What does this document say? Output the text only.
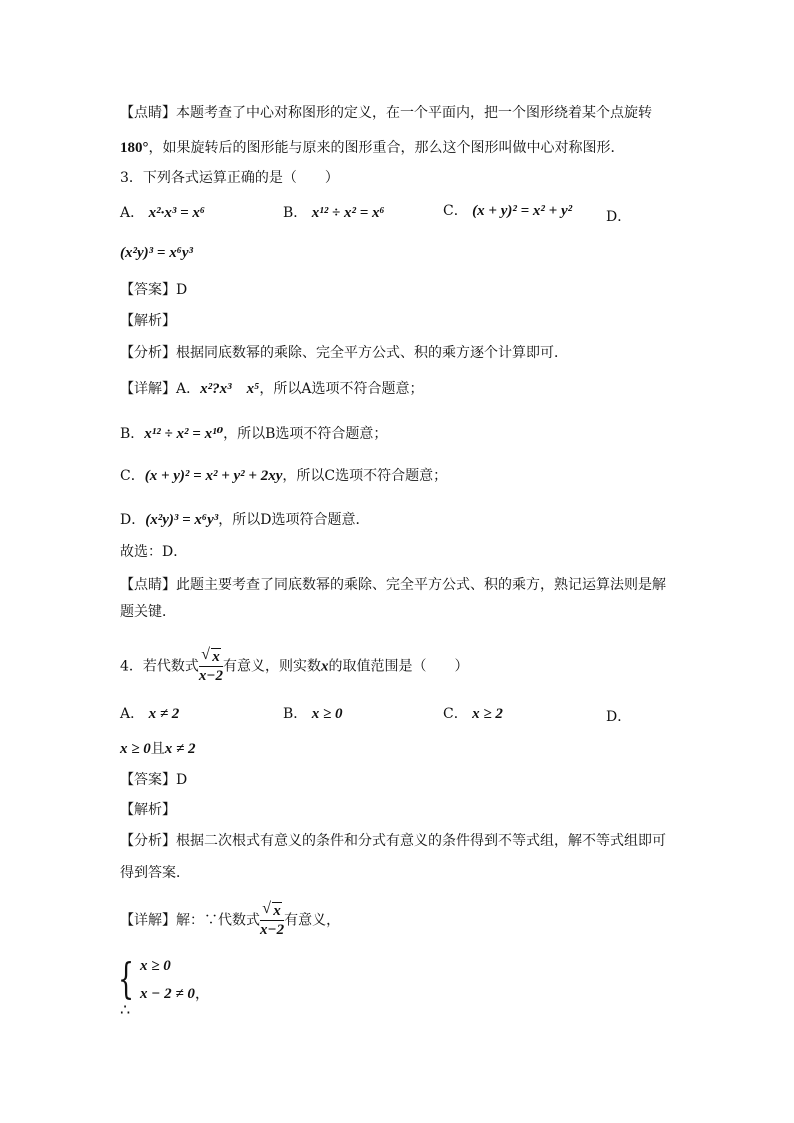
【点睛】本题考查了中心对称图形的定义，在一个平面内，把一个图形绕着某个点旋转
180°，如果旋转后的图形能与原来的图形重合，那么这个图形叫做中心对称图形．
3．下列各式运算正确的是（　　）
A． x²·x³ = x⁶	B． x¹² ÷ x² = x⁶	C． (x + y)² = x² + y² D．
(x²y)³ = x⁶y³
【答案】D
【解析】
【分析】根据同底数幂的乘除、完全平方公式、积的乘方逐个计算即可．
【详解】A．x²?x³　x⁵，所以A选项不符合题意；
B．x¹² ÷ x² = x¹⁰，所以B选项不符合题意；
C．(x + y)² = x² + y² + 2xy，所以C选项不符合题意；
D．(x²y)³ = x⁶y³，所以D选项符合题意．
故选：D．
【点睛】此题主要考查了同底数幂的乘除、完全平方公式、积的乘方，熟记运算法则是解
题关键．
4．若代数式 $\frac{√ x}{x-2}$ 有意义，则实数x的取值范围是（　　）
A． x ≠ 2	B． x ≥ 0	C． x ≥ 2	D．
x ≥ 0且x ≠ 2
【答案】D
【解析】
【分析】根据二次根式有意义的条件和分式有意义的条件得到不等式组，解不等式组即可
得到答案．
【详解】解：∵代数式 $\frac{√ x}{x-2}$ 有意义，
{ x ≥ 0
x − 2 ≠ 0，
∴
